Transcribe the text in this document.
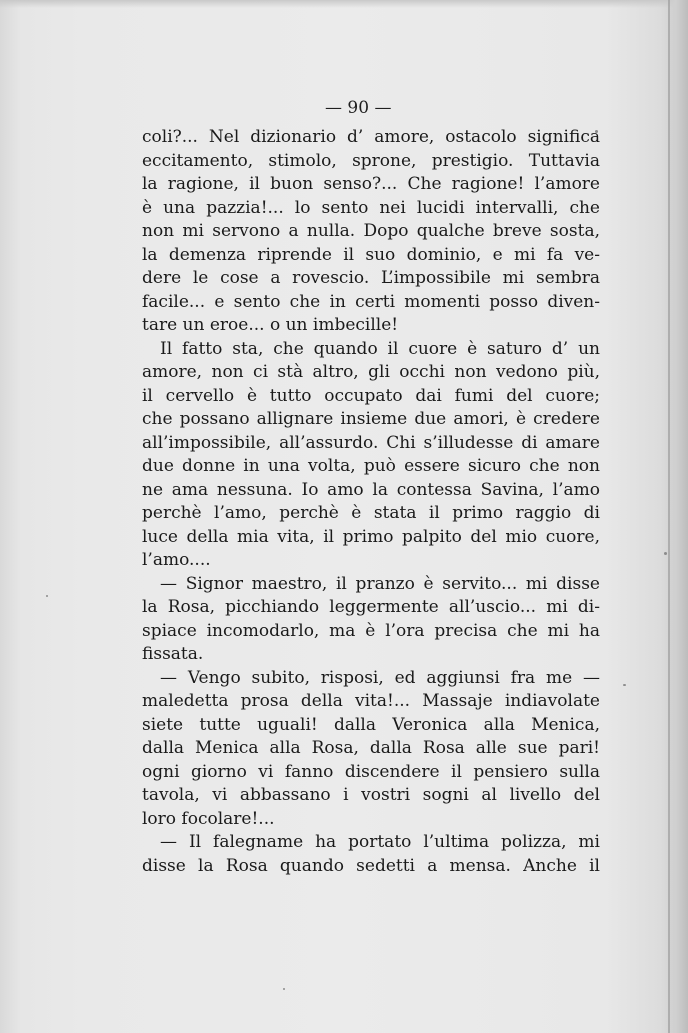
— 90 —
coli?... Nel dizionario d’ amore, ostacolo significa
eccitamento, stimolo, sprone, prestigio. Tuttavia
la ragione, il buon senso?... Che ragione! l’amore
è una pazzia!... lo sento nei lucidi intervalli, che
non mi servono a nulla. Dopo qualche breve sosta,
la demenza riprende il suo dominio, e mi fa ve-
dere le cose a rovescio. L’impossibile mi sembra
facile... e sento che in certi momenti posso diven-
tare un eroe... o un imbecille!
Il fatto sta, che quando il cuore è saturo d’ un
amore, non ci stà altro, gli occhi non vedono più,
il cervello è tutto occupato dai fumi del cuore;
che possano allignare insieme due amori, è credere
all’impossibile, all’assurdo. Chi s’illudesse di amare
due donne in una volta, può essere sicuro che non
ne ama nessuna. Io amo la contessa Savina, l’amo
perchè l’amo, perchè è stata il primo raggio di
luce della mia vita, il primo palpito del mio cuore,
l’amo....
— Signor maestro, il pranzo è servito... mi disse
la Rosa, picchiando leggermente all’uscio... mi di-
spiace incomodarlo, ma è l’ora precisa che mi ha
fissata.
— Vengo subito, risposi, ed aggiunsi fra me —
maledetta prosa della vita!... Massaje indiavolate
siete tutte uguali! dalla Veronica alla Menica,
dalla Menica alla Rosa, dalla Rosa alle sue pari!
ogni giorno vi fanno discendere il pensiero sulla
tavola, vi abbassano i vostri sogni al livello del
loro focolare!...
— Il falegname ha portato l’ultima polizza, mi
disse la Rosa quando sedetti a mensa. Anche il
